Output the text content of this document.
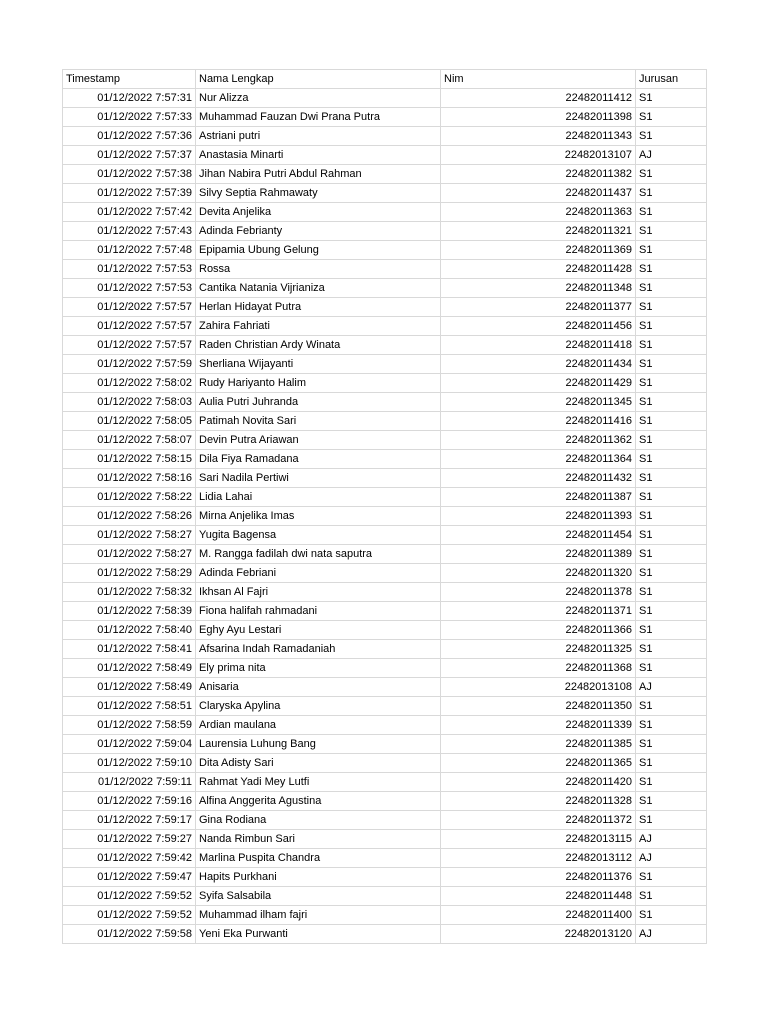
Timestamp	Nama Lengkap	Nim	Jurusan
01/12/2022 7:57:31	Nur Alizza	22482011412	S1
01/12/2022 7:57:33	Muhammad Fauzan Dwi Prana Putra	22482011398	S1
01/12/2022 7:57:36	Astriani putri	22482011343	S1
01/12/2022 7:57:37	Anastasia Minarti	22482013107	AJ
01/12/2022 7:57:38	Jihan Nabira Putri Abdul Rahman	22482011382	S1
01/12/2022 7:57:39	Silvy Septia Rahmawaty	22482011437	S1
01/12/2022 7:57:42	Devita Anjelika	22482011363	S1
01/12/2022 7:57:43	Adinda Febrianty	22482011321	S1
01/12/2022 7:57:48	Epipamia Ubung Gelung	22482011369	S1
01/12/2022 7:57:53	Rossa	22482011428	S1
01/12/2022 7:57:53	Cantika Natania Vijrianiza	22482011348	S1
01/12/2022 7:57:57	Herlan Hidayat Putra	22482011377	S1
01/12/2022 7:57:57	Zahira Fahriati	22482011456	S1
01/12/2022 7:57:57	Raden Christian Ardy Winata	22482011418	S1
01/12/2022 7:57:59	Sherliana Wijayanti	22482011434	S1
01/12/2022 7:58:02	Rudy Hariyanto Halim	22482011429	S1
01/12/2022 7:58:03	Aulia Putri Juhranda	22482011345	S1
01/12/2022 7:58:05	Patimah Novita Sari	22482011416	S1
01/12/2022 7:58:07	Devin Putra Ariawan	22482011362	S1
01/12/2022 7:58:15	Dila Fiya Ramadana	22482011364	S1
01/12/2022 7:58:16	Sari Nadila Pertiwi	22482011432	S1
01/12/2022 7:58:22	Lidia Lahai	22482011387	S1
01/12/2022 7:58:26	Mirna Anjelika Imas	22482011393	S1
01/12/2022 7:58:27	Yugita Bagensa	22482011454	S1
01/12/2022 7:58:27	M. Rangga fadilah dwi nata saputra	22482011389	S1
01/12/2022 7:58:29	Adinda Febriani	22482011320	S1
01/12/2022 7:58:32	Ikhsan Al Fajri	22482011378	S1
01/12/2022 7:58:39	Fiona halifah rahmadani	22482011371	S1
01/12/2022 7:58:40	Eghy Ayu Lestari	22482011366	S1
01/12/2022 7:58:41	Afsarina Indah Ramadaniah	22482011325	S1
01/12/2022 7:58:49	Ely prima nita	22482011368	S1
01/12/2022 7:58:49	Anisaria	22482013108	AJ
01/12/2022 7:58:51	Claryska Apylina	22482011350	S1
01/12/2022 7:58:59	Ardian maulana	22482011339	S1
01/12/2022 7:59:04	Laurensia Luhung Bang	22482011385	S1
01/12/2022 7:59:10	Dita Adisty Sari	22482011365	S1
01/12/2022 7:59:11	Rahmat Yadi Mey Lutfi	22482011420	S1
01/12/2022 7:59:16	Alfina Anggerita Agustina	22482011328	S1
01/12/2022 7:59:17	Gina Rodiana	22482011372	S1
01/12/2022 7:59:27	Nanda Rimbun Sari	22482013115	AJ
01/12/2022 7:59:42	Marlina Puspita Chandra	22482013112	AJ
01/12/2022 7:59:47	Hapits Purkhani	22482011376	S1
01/12/2022 7:59:52	Syifa Salsabila	22482011448	S1
01/12/2022 7:59:52	Muhammad ilham fajri	22482011400	S1
01/12/2022 7:59:58	Yeni Eka Purwanti	22482013120	AJ
